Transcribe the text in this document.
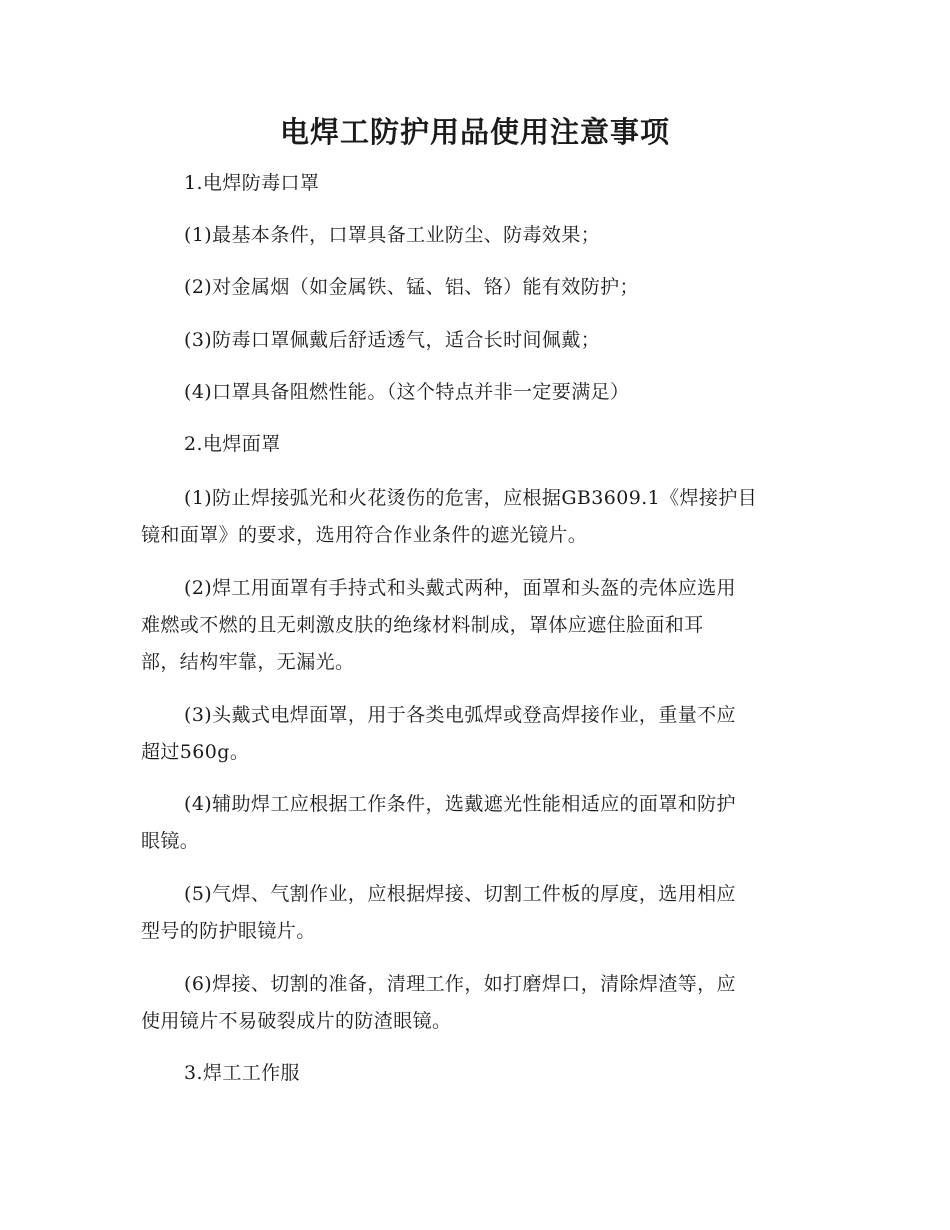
电焊工防护用品使用注意事项
1.电焊防毒口罩
(1)最基本条件，口罩具备工业防尘、防毒效果；
(2)对金属烟（如金属铁、锰、铝、铬）能有效防护；
(3)防毒口罩佩戴后舒适透气，适合长时间佩戴；
(4)口罩具备阻燃性能。（这个特点并非一定要满足）
2.电焊面罩
(1)防止焊接弧光和火花烫伤的危害，应根据GB3609.1《焊接护目
镜和面罩》的要求，选用符合作业条件的遮光镜片。
(2)焊工用面罩有手持式和头戴式两种，面罩和头盔的壳体应选用
难燃或不燃的且无刺激皮肤的绝缘材料制成，罩体应遮住脸面和耳
部，结构牢靠，无漏光。
(3)头戴式电焊面罩，用于各类电弧焊或登高焊接作业，重量不应
超过560g。
(4)辅助焊工应根据工作条件，选戴遮光性能相适应的面罩和防护
眼镜。
(5)气焊、气割作业，应根据焊接、切割工件板的厚度，选用相应
型号的防护眼镜片。
(6)焊接、切割的准备，清理工作，如打磨焊口，清除焊渣等，应
使用镜片不易破裂成片的防渣眼镜。
3.焊工工作服
